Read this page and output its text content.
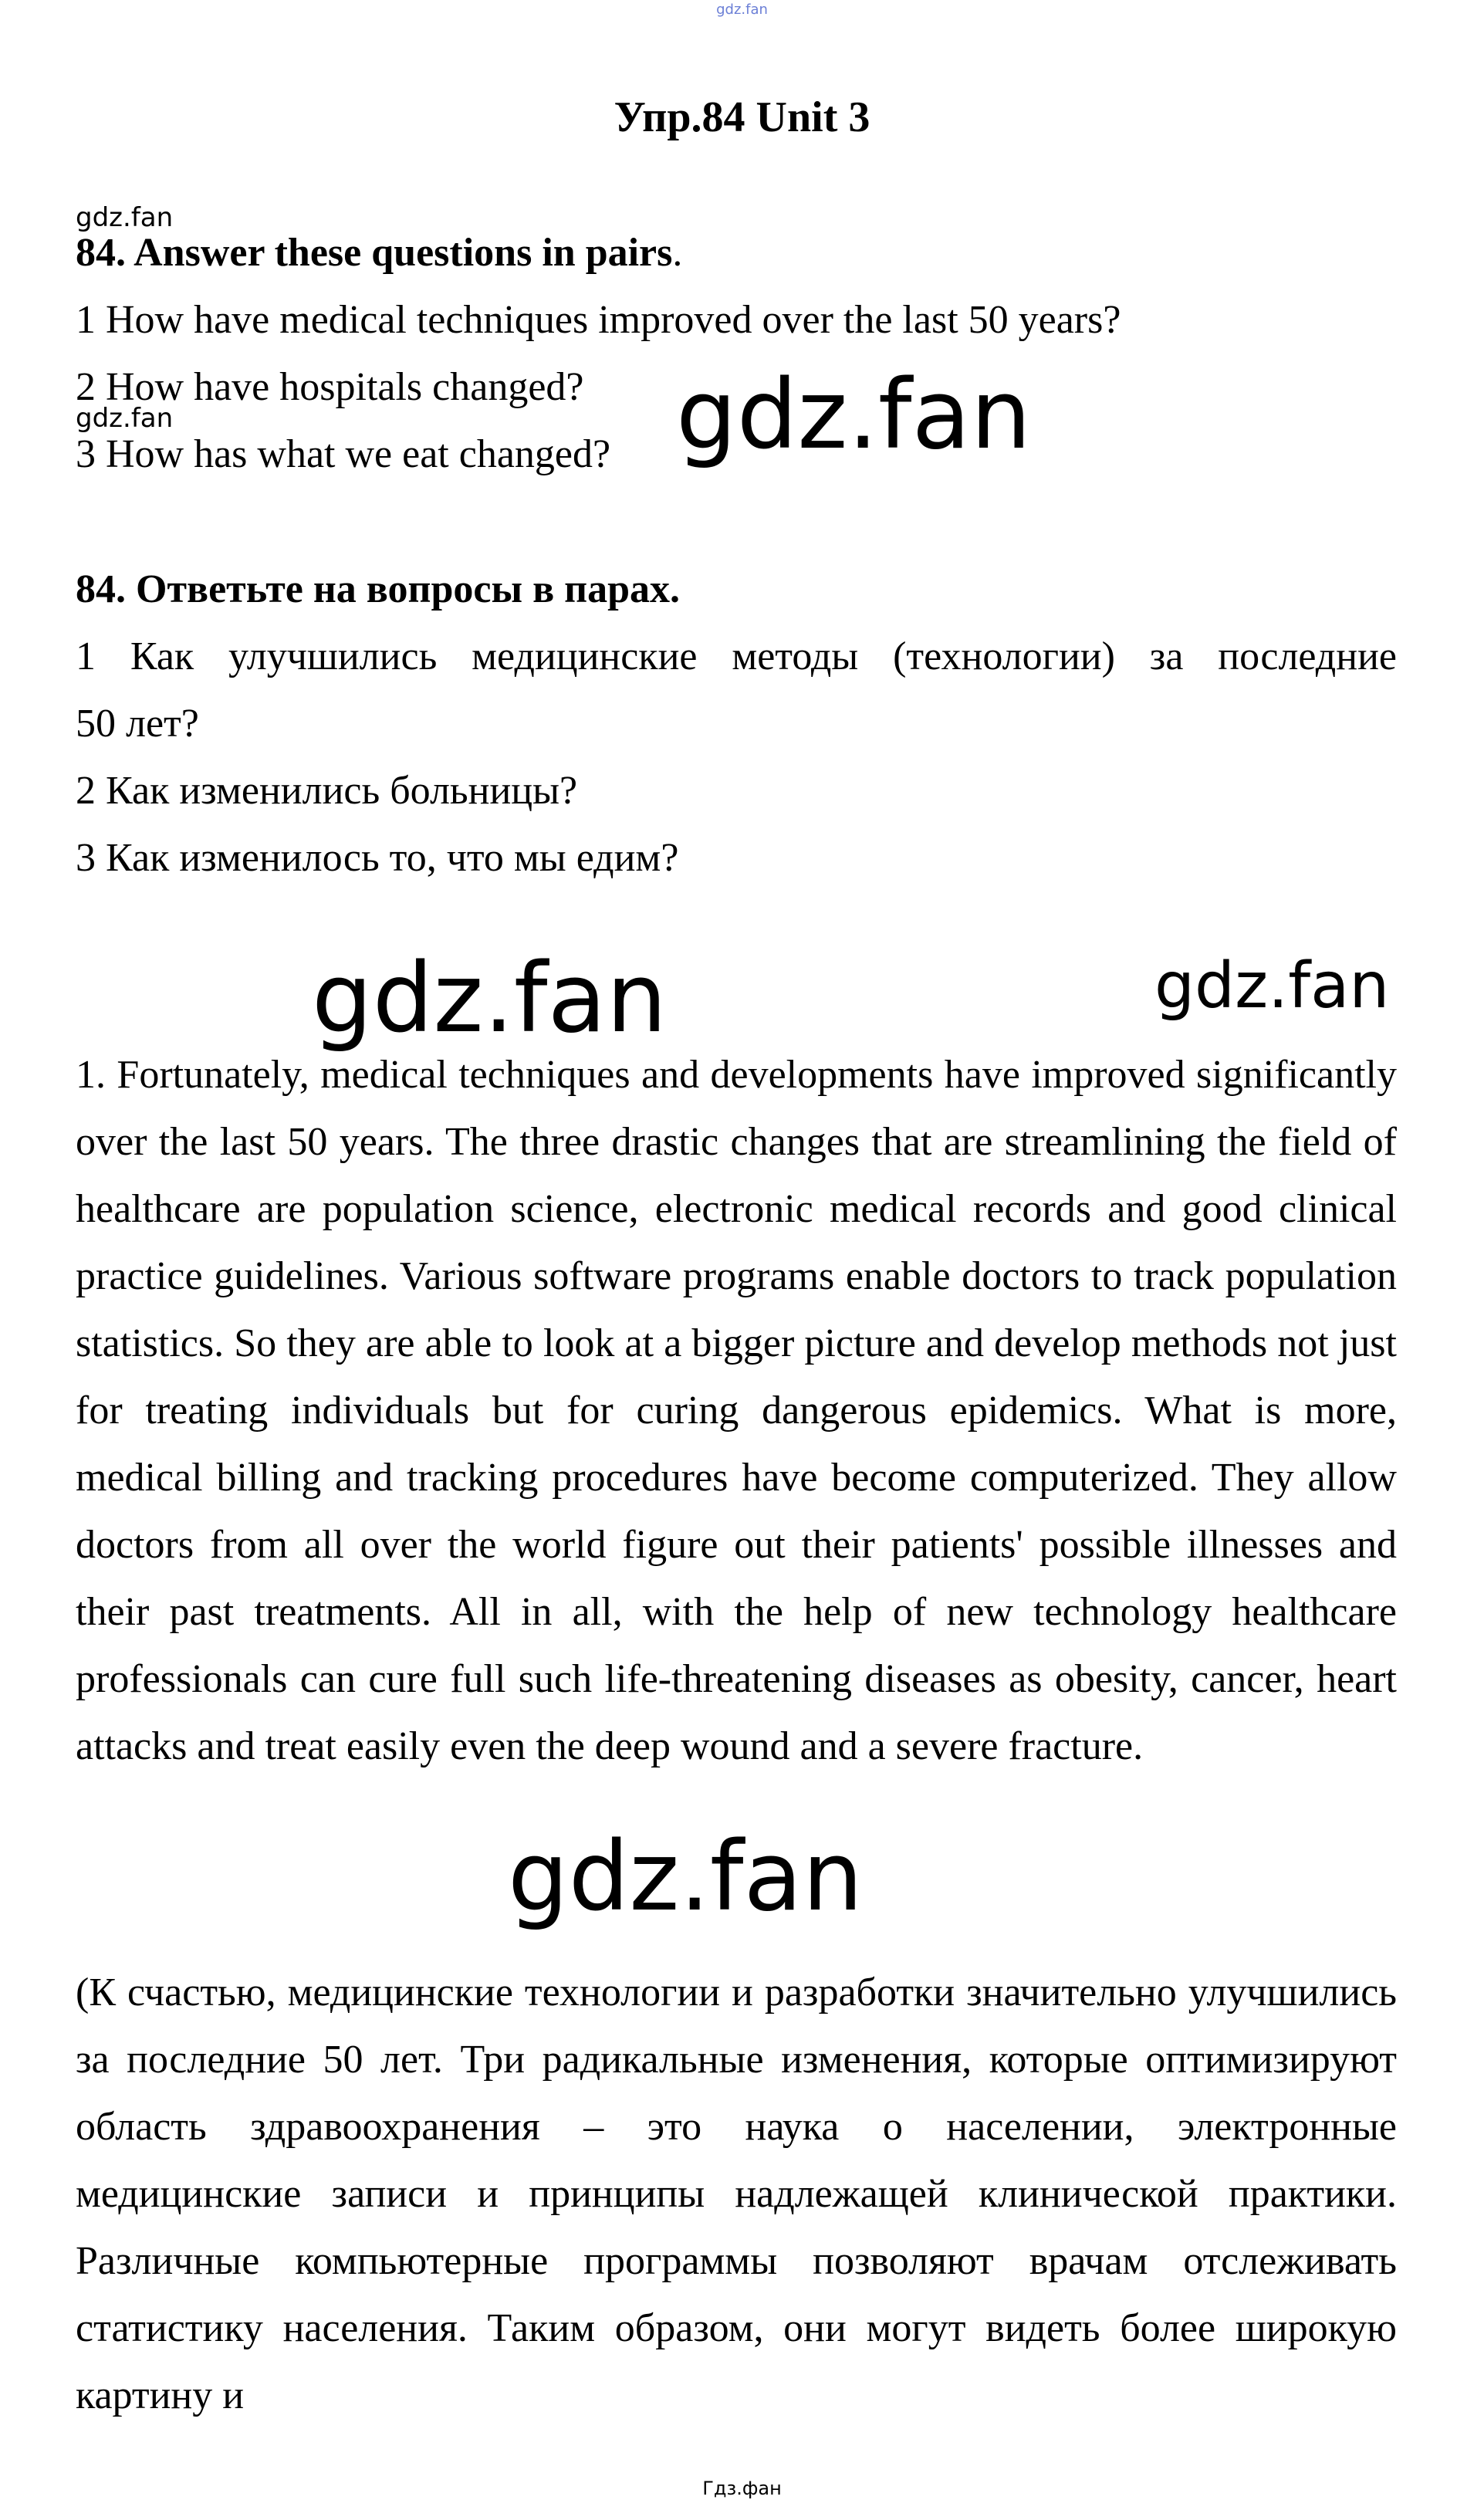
gdz.fan
Упр.84 Unit 3
gdz.fan
84. Answer these questions in pairs.
1 How have medical techniques improved over the last 50 years?
2 How have hospitals changed?
gdz.fan
3 How has what we eat changed? gdz.fan
84. Ответьте на вопросы в парах.
1 Как улучшились медицинские методы (технологии) за последние
50 лет?
2 Как изменились больницы?
3 Как изменилось то, что мы едим?
gdz.fan	gdz.fan
1. Fortunately, medical techniques and developments have improved significantly over the last 50 years. The three drastic changes that are streamlining the field of healthcare are population science, electronic medical records and good clinical practice guidelines. Various software programs enable doctors to track population statistics. So they are able to look at a bigger picture and develop methods not just for treating individuals but for curing dangerous epidemics. What is more, medical billing and tracking procedures have become computerized. They allow doctors from all over the world figure out their patients' possible illnesses and their past treatments. All in all, with the help of new technology healthcare professionals can cure full such life-threatening diseases as obesity, cancer, heart attacks and treat easily even the deep wound and a severe fracture.
gdz.fan
(К счастью, медицинские технологии и разработки значительно улучшились за последние 50 лет. Три радикальные изменения, которые оптимизируют область здравоохранения – это наука о населении, электронные медицинские записи и принципы надлежащей клинической практики. Различные компьютерные программы позволяют врачам отслеживать статистику населения. Таким образом, они могут видеть более широкую картину и
Гдз.фан
